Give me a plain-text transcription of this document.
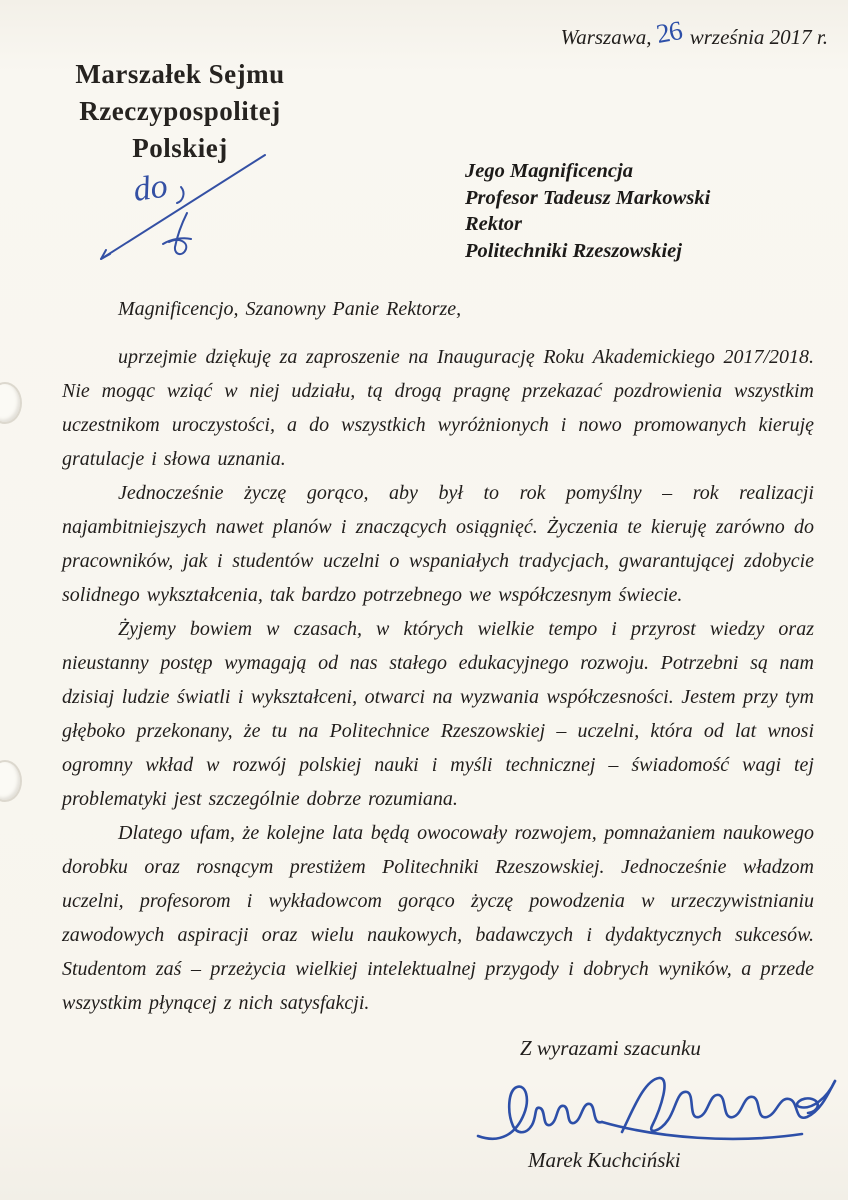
Warszawa, 26 września 2017 r.
Marszałek Sejmu
Rzeczypospolitej Polskiej
do	Jego Magnificencja
Profesor Tadeusz Markowski
Rektor
Politechniki Rzeszowskiej

Magnificencjo, Szanowny Panie Rektorze,

uprzejmie dziękuję za zaproszenie na Inaugurację Roku Akademickiego 2017/2018. Nie mogąc wziąć w niej udziału, tą drogą pragnę przekazać pozdrowienia wszystkim uczestnikom uroczystości, a do wszystkich wyróżnionych i nowo promowanych kieruję gratulacje i słowa uznania.

Jednocześnie życzę gorąco, aby był to rok pomyślny – rok realizacji najambitniejszych nawet planów i znaczących osiągnięć. Życzenia te kieruję zarówno do pracowników, jak i studentów uczelni o wspaniałych tradycjach, gwarantującej zdobycie solidnego wykształcenia, tak bardzo potrzebnego we współczesnym świecie.

Żyjemy bowiem w czasach, w których wielkie tempo i przyrost wiedzy oraz nieustanny postęp wymagają od nas stałego edukacyjnego rozwoju. Potrzebni są nam dzisiaj ludzie światli i wykształceni, otwarci na wyzwania współczesności. Jestem przy tym głęboko przekonany, że tu na Politechnice Rzeszowskiej – uczelni, która od lat wnosi ogromny wkład w rozwój polskiej nauki i myśli technicznej – świadomość wagi tej problematyki jest szczególnie dobrze rozumiana.

Dlatego ufam, że kolejne lata będą owocowały rozwojem, pomnażaniem naukowego dorobku oraz rosnącym prestiżem Politechniki Rzeszowskiej. Jednocześnie władzom uczelni, profesorom i wykładowcom gorąco życzę powodzenia w urzeczywistnianiu zawodowych aspiracji oraz wielu naukowych, badawczych i dydaktycznych sukcesów. Studentom zaś – przeżycia wielkiej intelektualnej przygody i dobrych wyników, a przede wszystkim płynącej z nich satysfakcji.

Z wyrazami szacunku
Marek Kuchciński
